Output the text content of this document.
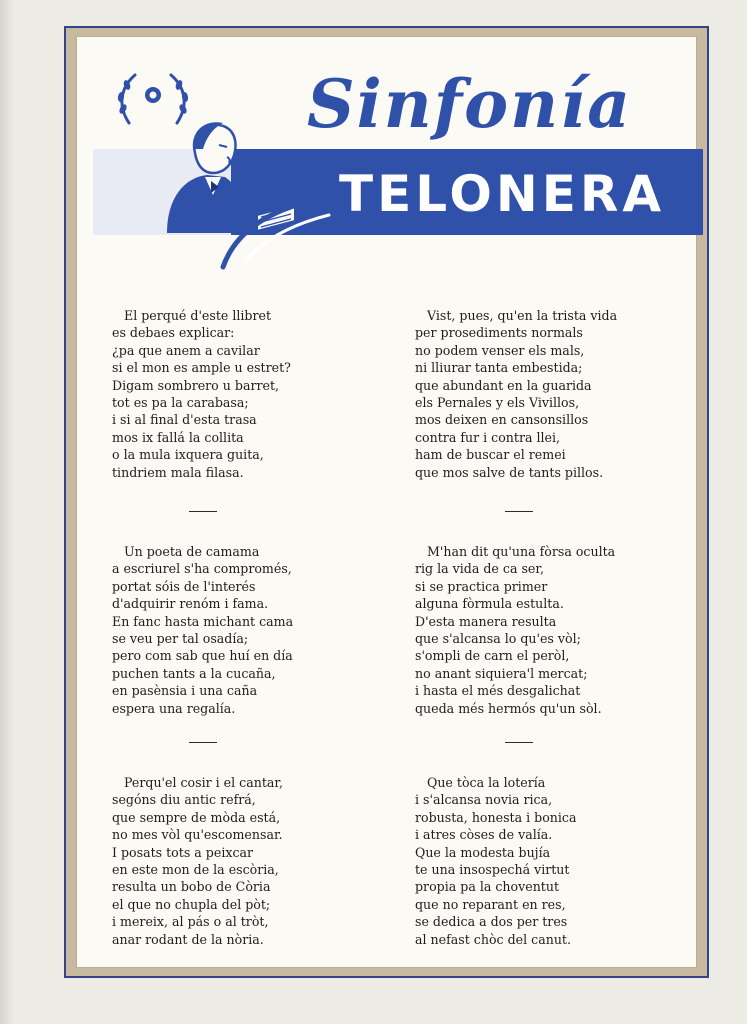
Sinfonía
TELONERA
El perqué d'este llibret
es debaes explicar:
¿pa que anem a cavilar
si el mon es ample u estret?
Digam sombrero u barret,
tot es pa la carabasa;
i si al final d'esta trasa
mos ix fallá la collita
o la mula ixquera guita,
tindriem mala filasa.
Un poeta de camama
a escriurel s'ha compromés,
portat sóis de l'interés
d'adquirir renóm i fama.
En fanc hasta michant cama
se veu per tal osadía;
pero com sab que huí en día
puchen tants a la cucaña,
en pasènsia i una caña
espera una regalía.
Perqu'el cosir i el cantar,
segóns diu antic refrá,
que sempre de mòda está,
no mes vòl qu'escomensar.
I posats tots a peixcar
en este mon de la escòria,
resulta un bobo de Còria
el que no chupla del pòt;
i mereix, al pás o al tròt,
anar rodant de la nòria.
Vist, pues, qu'en la trista vida
per prosediments normals
no podem venser els mals,
ni lliurar tanta embestida;
que abundant en la guarida
els Pernales y els Vivillos,
mos deixen en cansonsillos
contra fur i contra llei,
ham de buscar el remei
que mos salve de tants pillos.
M'han dit qu'una fòrsa oculta
rig la vida de ca ser,
si se practica primer
alguna fòrmula estulta.
D'esta manera resulta
que s'alcansa lo qu'es vòl;
s'ompli de carn el peròl,
no anant siquiera'l mercat;
i hasta el més desgalichat
queda més hermós qu'un sòl.
Que tòca la lotería
i s'alcansa novia rica,
robusta, honesta i bonica
i atres còses de valía.
Que la modesta bujía
te una insospechá virtut
propia pa la choventut
que no reparant en res,
se dedica a dos per tres
al nefast chòc del canut.
